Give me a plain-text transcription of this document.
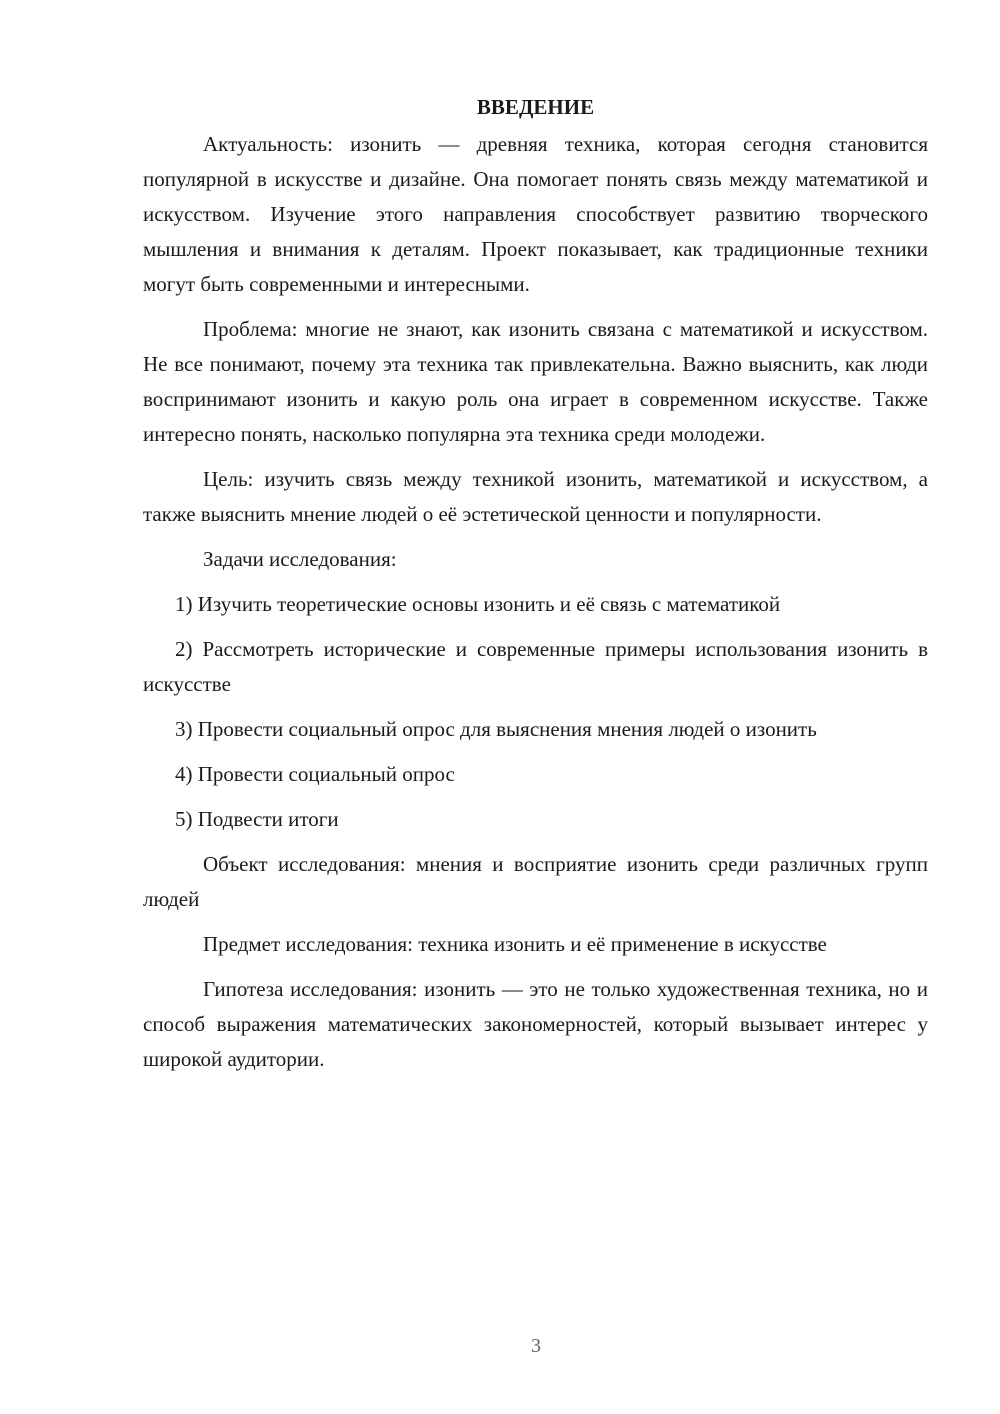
ВВЕДЕНИЕ

Актуальность: изонить — древняя техника, которая сегодня становится популярной в искусстве и дизайне. Она помогает понять связь между математикой и искусством. Изучение этого направления способствует развитию творческого мышления и внимания к деталям. Проект показывает, как традиционные техники могут быть современными и интересными.

Проблема: многие не знают, как изонить связана с математикой и искусством. Не все понимают, почему эта техника так привлекательна. Важно выяснить, как люди воспринимают изонить и какую роль она играет в современном искусстве. Также интересно понять, насколько популярна эта техника среди молодежи.

Цель: изучить связь между техникой изонить, математикой и искусством, а также выяснить мнение людей о её эстетической ценности и популярности.

Задачи исследования:

1) Изучить теоретические основы изонить и её связь с математикой

2) Рассмотреть исторические и современные примеры использования изонить в искусстве

3) Провести социальный опрос для выяснения мнения людей о изонить

4) Провести социальный опрос

5) Подвести итоги

Объект исследования: мнения и восприятие изонить среди различных групп людей

Предмет исследования: техника изонить и её применение в искусстве

Гипотеза исследования: изонить — это не только художественная техника, но и способ выражения математических закономерностей, который вызывает интерес у широкой аудитории.

3
